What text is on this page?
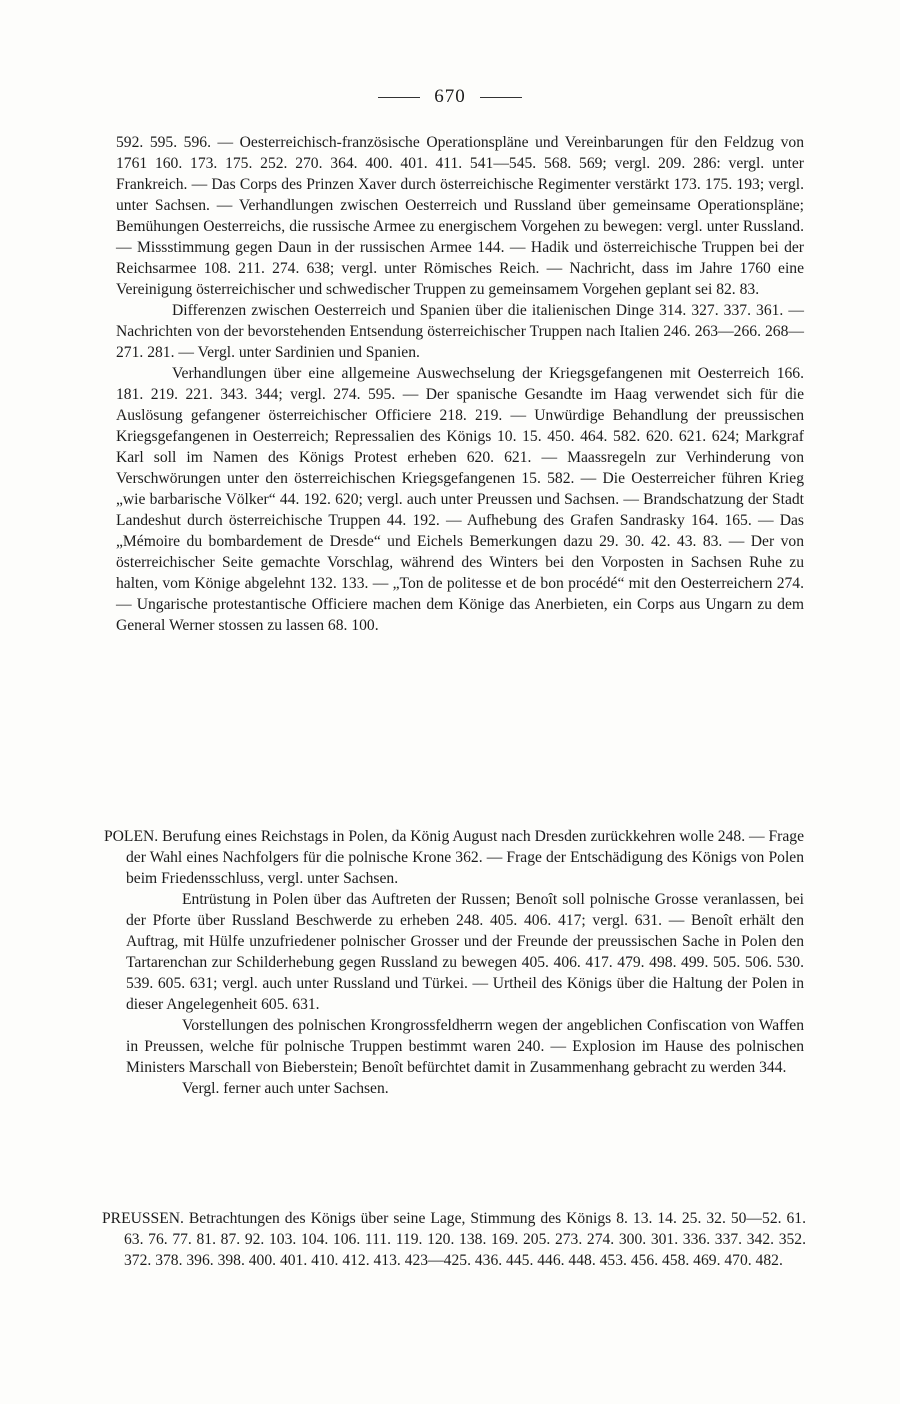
670

592. 595. 596. — Oesterreichisch-französische Operationspläne und Vereinbarungen für den Feldzug von 1761 160. 173. 175. 252. 270. 364. 400. 401. 411. 541—545. 568. 569; vergl. 209. 286: vergl. unter Frankreich. — Das Corps des Prinzen Xaver durch österreichische Regimenter verstärkt 173. 175. 193; vergl. unter Sachsen. — Verhandlungen zwischen Oesterreich und Russland über gemeinsame Operationspläne; Bemühungen Oesterreichs, die russische Armee zu energischem Vorgehen zu bewegen: vergl. unter Russland. — Missstimmung gegen Daun in der russischen Armee 144. — Hadik und österreichische Truppen bei der Reichsarmee 108. 211. 274. 638; vergl. unter Römisches Reich. — Nachricht, dass im Jahre 1760 eine Vereinigung österreichischer und schwedischer Truppen zu gemeinsamem Vorgehen geplant sei 82. 83.

Differenzen zwischen Oesterreich und Spanien über die italienischen Dinge 314. 327. 337. 361. — Nachrichten von der bevorstehenden Entsendung österreichischer Truppen nach Italien 246. 263—266. 268—271. 281. — Vergl. unter Sardinien und Spanien.

Verhandlungen über eine allgemeine Auswechselung der Kriegsgefangenen mit Oesterreich 166. 181. 219. 221. 343. 344; vergl. 274. 595. — Der spanische Gesandte im Haag verwendet sich für die Auslösung gefangener österreichischer Officiere 218. 219. — Unwürdige Behandlung der preussischen Kriegsgefangenen in Oesterreich; Repressalien des Königs 10. 15. 450. 464. 582. 620. 621. 624; Markgraf Karl soll im Namen des Königs Protest erheben 620. 621. — Maassregeln zur Verhinderung von Verschwörungen unter den österreichischen Kriegsgefangenen 15. 582. — Die Oesterreicher führen Krieg „wie barbarische Völker“ 44. 192. 620; vergl. auch unter Preussen und Sachsen. — Brandschatzung der Stadt Landeshut durch österreichische Truppen 44. 192. — Aufhebung des Grafen Sandrasky 164. 165. — Das „Mémoire du bombardement de Dresde“ und Eichels Bemerkungen dazu 29. 30. 42. 43. 83. — Der von österreichischer Seite gemachte Vorschlag, während des Winters bei den Vorposten in Sachsen Ruhe zu halten, vom Könige abgelehnt 132. 133. — „Ton de politesse et de bon procédé“ mit den Oesterreichern 274. — Ungarische protestantische Officiere machen dem Könige das Anerbieten, ein Corps aus Ungarn zu dem General Werner stossen zu lassen 68. 100.

POLEN. Berufung eines Reichstags in Polen, da König August nach Dresden zurückkehren wolle 248. — Frage der Wahl eines Nachfolgers für die polnische Krone 362. — Frage der Entschädigung des Königs von Polen beim Friedensschluss, vergl. unter Sachsen.

Entrüstung in Polen über das Auftreten der Russen; Benoît soll polnische Grosse veranlassen, bei der Pforte über Russland Beschwerde zu erheben 248. 405. 406. 417; vergl. 631. — Benoît erhält den Auftrag, mit Hülfe unzufriedener polnischer Grosser und der Freunde der preussischen Sache in Polen den Tartarenchan zur Schilderhebung gegen Russland zu bewegen 405. 406. 417. 479. 498. 499. 505. 506. 530. 539. 605. 631; vergl. auch unter Russland und Türkei. — Urtheil des Königs über die Haltung der Polen in dieser Angelegenheit 605. 631.

Vorstellungen des polnischen Krongrossfeldherrn wegen der angeblichen Confiscation von Waffen in Preussen, welche für polnische Truppen bestimmt waren 240. — Explosion im Hause des polnischen Ministers Marschall von Bieberstein; Benoît befürchtet damit in Zusammenhang gebracht zu werden 344.

Vergl. ferner auch unter Sachsen.

PREUSSEN. Betrachtungen des Königs über seine Lage, Stimmung des Königs 8. 13. 14. 25. 32. 50—52. 61. 63. 76. 77. 81. 87. 92. 103. 104. 106. 111. 119. 120. 138. 169. 205. 273. 274. 300. 301. 336. 337. 342. 352. 372. 378. 396. 398. 400. 401. 410. 412. 413. 423—425. 436. 445. 446. 448. 453. 456. 458. 469. 470. 482.
